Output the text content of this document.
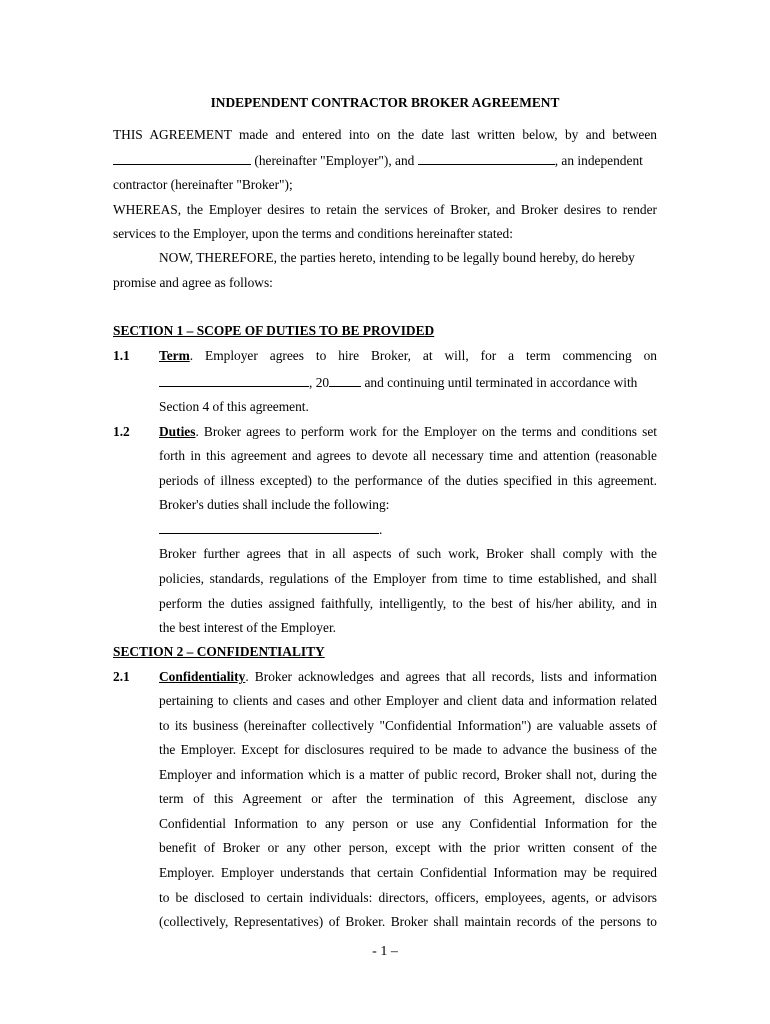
INDEPENDENT CONTRACTOR BROKER AGREEMENT
THIS AGREEMENT made and entered into on the date last written below, by and between
(hereinafter "Employer"), and	, an independent
contractor (hereinafter "Broker");
WHEREAS, the Employer desires to retain the services of Broker, and Broker desires to render
services to the Employer, upon the terms and conditions hereinafter stated:
NOW, THEREFORE, the parties hereto, intending to be legally bound hereby, do hereby
promise and agree as follows:
SECTION 1 – SCOPE OF DUTIES TO BE PROVIDED
1.1 Term. Employer agrees to hire Broker, at will, for a term commencing on
, 20 and continuing until terminated in accordance with
Section 4 of this agreement.
1.2 Duties. Broker agrees to perform work for the Employer on the terms and conditions set
forth in this agreement and agrees to devote all necessary time and attention (reasonable
periods of illness excepted) to the performance of the duties specified in this agreement.
Broker's duties shall include the following:
.
Broker further agrees that in all aspects of such work, Broker shall comply with the
policies, standards, regulations of the Employer from time to time established, and shall
perform the duties assigned faithfully, intelligently, to the best of his/her ability, and in
the best interest of the Employer.
SECTION 2 – CONFIDENTIALITY
2.1 Confidentiality. Broker acknowledges and agrees that all records, lists and information
pertaining to clients and cases and other Employer and client data and information related
to its business (hereinafter collectively "Confidential Information") are valuable assets of
the Employer. Except for disclosures required to be made to advance the business of the
Employer and information which is a matter of public record, Broker shall not, during the
term of this Agreement or after the termination of this Agreement, disclose any
Confidential Information to any person or use any Confidential Information for the
benefit of Broker or any other person, except with the prior written consent of the
Employer. Employer understands that certain Confidential Information may be required
to be disclosed to certain individuals: directors, officers, employees, agents, or advisors
(collectively, Representatives) of Broker. Broker shall maintain records of the persons to
- 1 –
